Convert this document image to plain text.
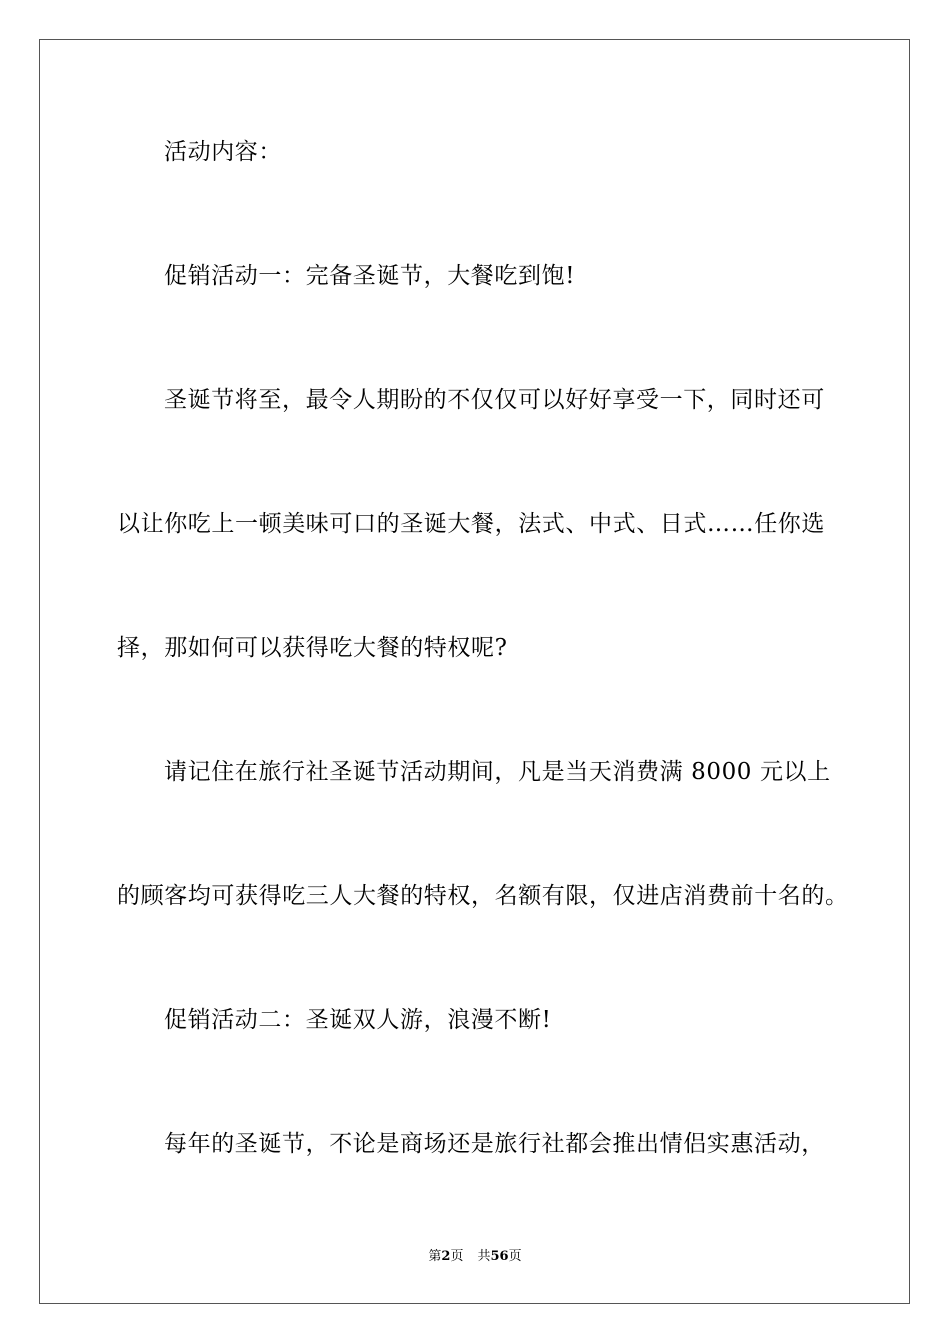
活动内容：
促销活动一：完备圣诞节，大餐吃到饱!
圣诞节将至，最令人期盼的不仅仅可以好好享受一下，同时还可
以让你吃上一顿美味可口的圣诞大餐，法式、中式、日式……任你选
择，那如何可以获得吃大餐的特权呢?
请记住在旅行社圣诞节活动期间，凡是当天消费满 8000 元以上
的顾客均可获得吃三人大餐的特权，名额有限，仅进店消费前十名的。
促销活动二：圣诞双人游，浪漫不断!
每年的圣诞节，不论是商场还是旅行社都会推出情侣实惠活动，
第2页 共56页
